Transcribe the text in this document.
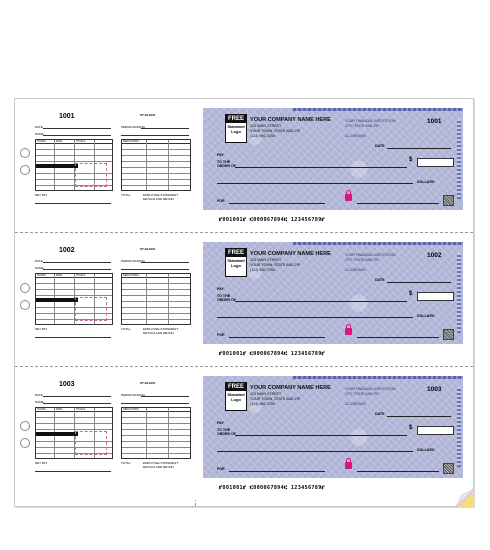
1001	ST BLOCK
DATE
NAME
PERIOD ENDING
HOURS	RATE	TOTALS	DEDUCTIONS
NET PAY	TOTAL	EMPLOYEE STATEMENT
DETACH AND RETAIN
FREE
Standard
Logo
YOUR COMPANY NAME HERE
123 MAIN STREET
YOUR TOWN, STATE AND ZIP
(123) 456-7258
YOUR FINANCIAL INSTITUTION
CITY, STATE AND ZIP
12-3789/1000
1001
DATE
PAY
TO THE
ORDER OF
$
DOLLARS
FOR
⑈001001⑈ ⑆000067894⑆ 123456789⑈
1002	ST BLOCK
DATE
NAME
PERIOD ENDING
HOURS	RATE	TOTALS	DEDUCTIONS
NET PAY	TOTAL	EMPLOYEE STATEMENT
DETACH AND RETAIN
FREE
Standard
Logo
YOUR COMPANY NAME HERE
123 MAIN STREET
YOUR TOWN, STATE AND ZIP
(123) 456-7258
YOUR FINANCIAL INSTITUTION
CITY, STATE AND ZIP
12-3789/1000
1002
DATE
PAY
TO THE
ORDER OF
$
DOLLARS
FOR
⑈001001⑈ ⑆000067894⑆ 123456789⑈
1003	ST BLOCK
DATE
NAME
PERIOD ENDING
HOURS	RATE	TOTALS	DEDUCTIONS
NET PAY	TOTAL	EMPLOYEE STATEMENT
DETACH AND RETAIN
FREE
Standard
Logo
YOUR COMPANY NAME HERE
123 MAIN STREET
YOUR TOWN, STATE AND ZIP
(123) 456-7258
YOUR FINANCIAL INSTITUTION
CITY, STATE AND ZIP
12-3789/1000
1003
DATE
PAY
TO THE
ORDER OF
$
DOLLARS
FOR
⑈001001⑈ ⑆000067894⑆ 123456789⑈
